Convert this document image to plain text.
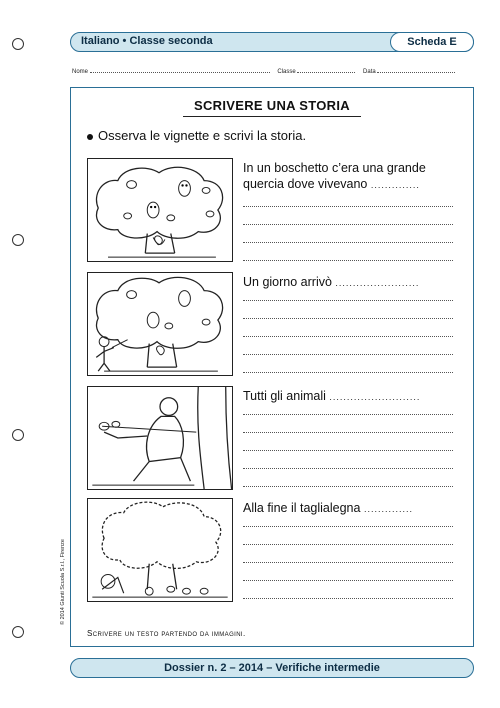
Italiano • Classe seconda	Scheda E
Nome	Classe	Data
SCRIVERE UNA STORIA
Osserva le vignette e scrivi la storia.
In un boschetto c’era una grande
quercia dove vivevano ..............
Un giorno arrivò ........................
Tutti gli animali ..........................
Alla fine il taglialegna ..............
Scrivere un testo partendo da immagini.
© 2014 Giunti Scuola S.r.l., Firenze
Dossier n. 2 – 2014 – Verifiche intermedie
